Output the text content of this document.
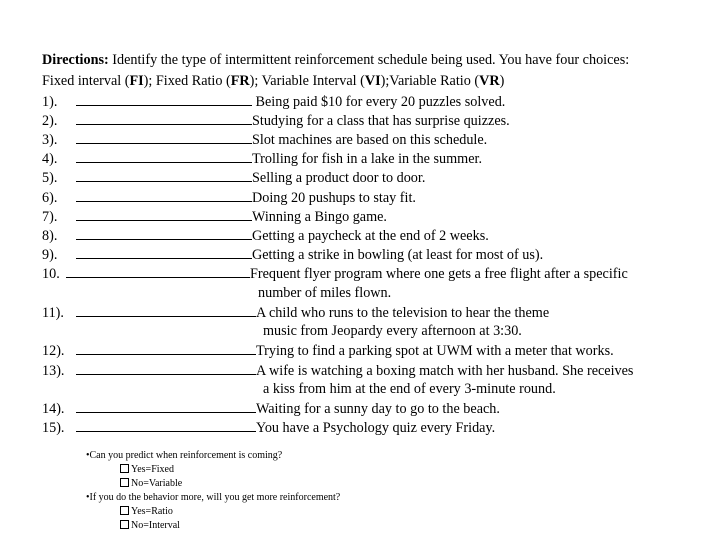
Directions: Identify the type of intermittent reinforcement schedule being used. You have four choices:
Fixed interval (FI); Fixed Ratio (FR); Variable Interval (VI);Variable Ratio (VR)
1).	Being paid $10 for every 20 puzzles solved.
2).	Studying for a class that has surprise quizzes.
3).	Slot machines are based on this schedule.
4).	Trolling for fish in a lake in the summer.
5).	Selling a product door to door.
6).	Doing 20 pushups to stay fit.
7).	Winning a Bingo game.
8).	Getting a paycheck at the end of 2 weeks.
9).	Getting a strike in bowling (at least for most of us).
10.	Frequent flyer program where one gets a free flight after a specific
number of miles flown.
11).	A child who runs to the television to hear the theme
music from Jeopardy every afternoon at 3:30.
12).	Trying to find a parking spot at UWM with a meter that works.
13).	A wife is watching a boxing match with her husband. She receives
a kiss from him at the end of every 3-minute round.
14).	Waiting for a sunny day to go to the beach.
15).	You have a Psychology quiz every Friday.
•Can you predict when reinforcement is coming?
Yes=Fixed
No=Variable
•If you do the behavior more, will you get more reinforcement?
Yes=Ratio
No=Interval
